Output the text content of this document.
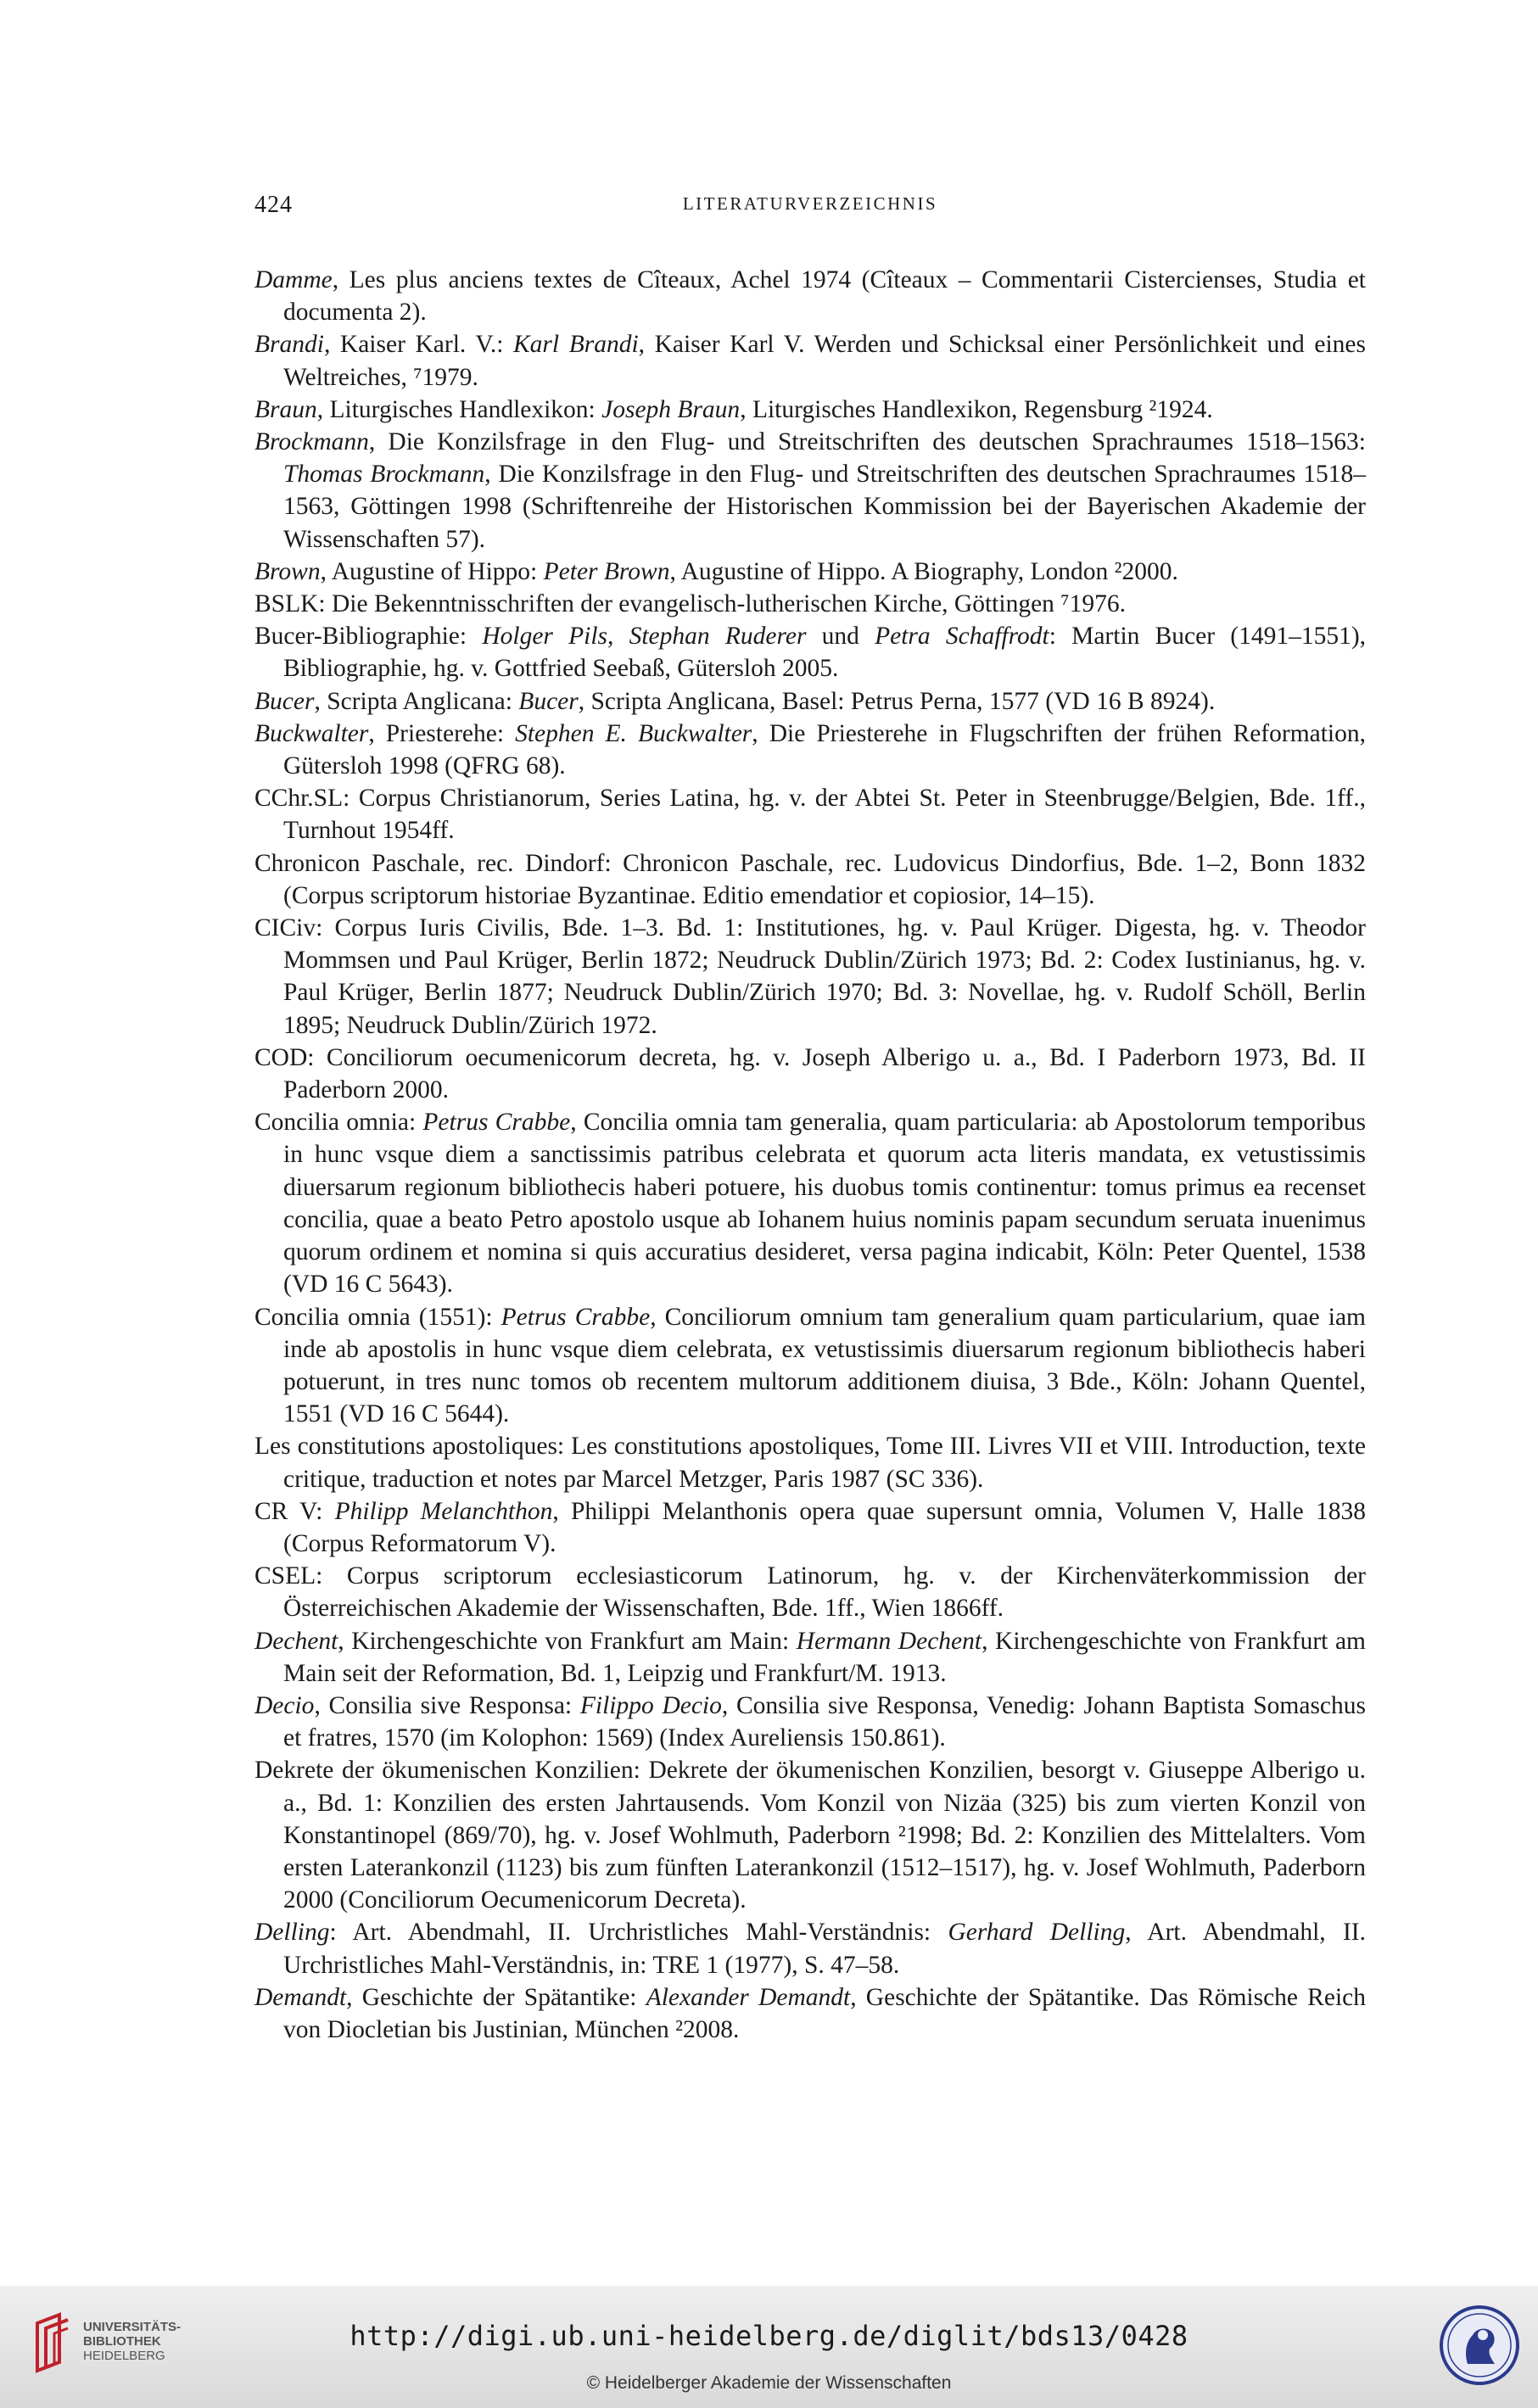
424	LITERATURVERZEICHNIS

Damme, Les plus anciens textes de Cîteaux, Achel 1974 (Cîteaux – Commentarii Cistercienses, Studia et documenta 2).

Brandi, Kaiser Karl. V.: Karl Brandi, Kaiser Karl V. Werden und Schicksal einer Persönlichkeit und eines Weltreiches, ⁷1979.

Braun, Liturgisches Handlexikon: Joseph Braun, Liturgisches Handlexikon, Regensburg ²1924.

Brockmann, Die Konzilsfrage in den Flug- und Streitschriften des deutschen Sprachraumes 1518–1563: Thomas Brockmann, Die Konzilsfrage in den Flug- und Streitschriften des deutschen Sprachraumes 1518–1563, Göttingen 1998 (Schriftenreihe der Historischen Kommission bei der Bayerischen Akademie der Wissenschaften 57).

Brown, Augustine of Hippo: Peter Brown, Augustine of Hippo. A Biography, London ²2000.

BSLK: Die Bekenntnisschriften der evangelisch-lutherischen Kirche, Göttingen ⁷1976.

Bucer-Bibliographie: Holger Pils, Stephan Ruderer und Petra Schaffrodt: Martin Bucer (1491–1551), Bibliographie, hg. v. Gottfried Seebaß, Gütersloh 2005.

Bucer, Scripta Anglicana: Bucer, Scripta Anglicana, Basel: Petrus Perna, 1577 (VD 16 B 8924).

Buckwalter, Priesterehe: Stephen E. Buckwalter, Die Priesterehe in Flugschriften der frühen Reformation, Gütersloh 1998 (QFRG 68).

CChr.SL: Corpus Christianorum, Series Latina, hg. v. der Abtei St. Peter in Steenbrugge/Belgien, Bde. 1ff., Turnhout 1954ff.

Chronicon Paschale, rec. Dindorf: Chronicon Paschale, rec. Ludovicus Dindorfius, Bde. 1–2, Bonn 1832 (Corpus scriptorum historiae Byzantinae. Editio emendatior et copiosior, 14–15).

CICiv: Corpus Iuris Civilis, Bde. 1–3. Bd. 1: Institutiones, hg. v. Paul Krüger. Digesta, hg. v. Theodor Mommsen und Paul Krüger, Berlin 1872; Neudruck Dublin/Zürich 1973; Bd. 2: Codex Iustinianus, hg. v. Paul Krüger, Berlin 1877; Neudruck Dublin/Zürich 1970; Bd. 3: Novellae, hg. v. Rudolf Schöll, Berlin 1895; Neudruck Dublin/Zürich 1972.

COD: Conciliorum oecumenicorum decreta, hg. v. Joseph Alberigo u. a., Bd. I Paderborn 1973, Bd. II Paderborn 2000.

Concilia omnia: Petrus Crabbe, Concilia omnia tam generalia, quam particularia: ab Apostolorum temporibus in hunc vsque diem a sanctissimis patribus celebrata et quorum acta literis mandata, ex vetustissimis diuersarum regionum bibliothecis haberi potuere, his duobus tomis continentur: tomus primus ea recenset concilia, quae a beato Petro apostolo usque ab Iohanem huius nominis papam secundum seruata inuenimus quorum ordinem et nomina si quis accuratius desideret, versa pagina indicabit, Köln: Peter Quentel, 1538 (VD 16 C 5643).

Concilia omnia (1551): Petrus Crabbe, Conciliorum omnium tam generalium quam particularium, quae iam inde ab apostolis in hunc vsque diem celebrata, ex vetustissimis diuersarum regionum bibliothecis haberi potuerunt, in tres nunc tomos ob recentem multorum additionem diuisa, 3 Bde., Köln: Johann Quentel, 1551 (VD 16 C 5644).

Les constitutions apostoliques: Les constitutions apostoliques, Tome III. Livres VII et VIII. Introduction, texte critique, traduction et notes par Marcel Metzger, Paris 1987 (SC 336).

CR V: Philipp Melanchthon, Philippi Melanthonis opera quae supersunt omnia, Volumen V, Halle 1838 (Corpus Reformatorum V).

CSEL: Corpus scriptorum ecclesiasticorum Latinorum, hg. v. der Kirchenväterkommission der Österreichischen Akademie der Wissenschaften, Bde. 1ff., Wien 1866ff.

Dechent, Kirchengeschichte von Frankfurt am Main: Hermann Dechent, Kirchengeschichte von Frankfurt am Main seit der Reformation, Bd. 1, Leipzig und Frankfurt/M. 1913.

Decio, Consilia sive Responsa: Filippo Decio, Consilia sive Responsa, Venedig: Johann Baptista Somaschus et fratres, 1570 (im Kolophon: 1569) (Index Aureliensis 150.861).

Dekrete der ökumenischen Konzilien: Dekrete der ökumenischen Konzilien, besorgt v. Giuseppe Alberigo u. a., Bd. 1: Konzilien des ersten Jahrtausends. Vom Konzil von Nizäa (325) bis zum vierten Konzil von Konstantinopel (869/70), hg. v. Josef Wohlmuth, Paderborn ²1998; Bd. 2: Konzilien des Mittelalters. Vom ersten Laterankonzil (1123) bis zum fünften Laterankonzil (1512–1517), hg. v. Josef Wohlmuth, Paderborn 2000 (Conciliorum Oecumenicorum Decreta).

Delling: Art. Abendmahl, II. Urchristliches Mahl-Verständnis: Gerhard Delling, Art. Abendmahl, II. Urchristliches Mahl-Verständnis, in: TRE 1 (1977), S. 47–58.

Demandt, Geschichte der Spätantike: Alexander Demandt, Geschichte der Spätantike. Das Römische Reich von Diocletian bis Justinian, München ²2008.

UNIVERSITÄTS-
BIBLIOTHEK
HEIDELBERG
http://digi.ub.uni-heidelberg.de/diglit/bds13/0428
© Heidelberger Akademie der Wissenschaften
